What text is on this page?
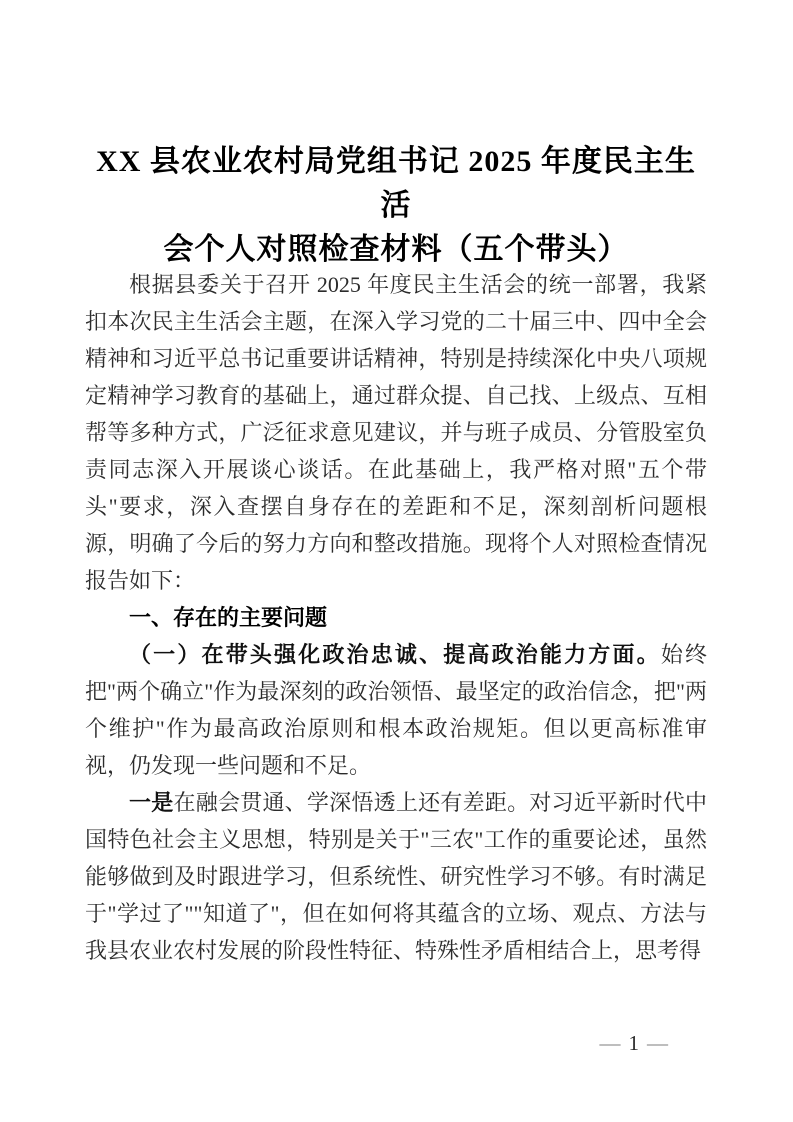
XX 县农业农村局党组书记 2025 年度民主生活
会个人对照检查材料（五个带头）

根据县委关于召开 2025 年度民主生活会的统一部署，我紧扣本次民主生活会主题，在深入学习党的二十届三中、四中全会精神和习近平总书记重要讲话精神，特别是持续深化中央八项规定精神学习教育的基础上，通过群众提、自己找、上级点、互相帮等多种方式，广泛征求意见建议，并与班子成员、分管股室负责同志深入开展谈心谈话。在此基础上，我严格对照"五个带头"要求，深入查摆自身存在的差距和不足，深刻剖析问题根源，明确了今后的努力方向和整改措施。现将个人对照检查情况报告如下：

一、存在的主要问题

（一）在带头强化政治忠诚、提高政治能力方面。始终把"两个确立"作为最深刻的政治领悟、最坚定的政治信念，把"两个维护"作为最高政治原则和根本政治规矩。但以更高标准审视，仍发现一些问题和不足。

一是在融会贯通、学深悟透上还有差距。对习近平新时代中国特色社会主义思想，特别是关于"三农"工作的重要论述，虽然能够做到及时跟进学习，但系统性、研究性学习不够。有时满足于"学过了""知道了"，但在如何将其蕴含的立场、观点、方法与我县农业农村发展的阶段性特征、特殊性矛盾相结合上，思考得

— 1 —
